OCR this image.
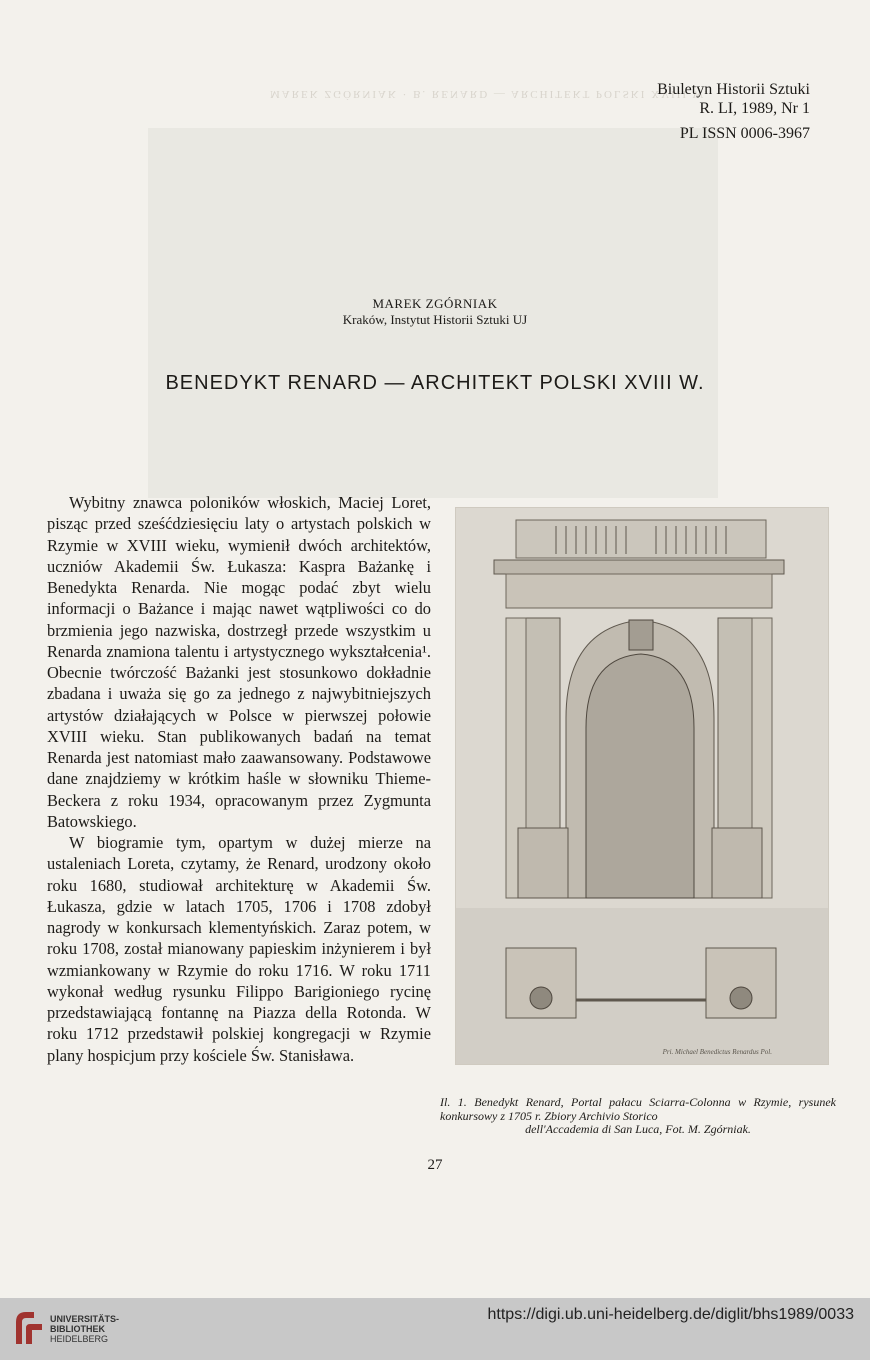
MAREK ZGÓRNIAK · B. RENARD — ARCHITEKT POLSKI XVIII W.
Biuletyn Historii Sztuki
R. LI, 1989, Nr 1
PL ISSN 0006-3967
MAREK ZGÓRNIAK
Kraków, Instytut Historii Sztuki UJ
BENEDYKT RENARD — ARCHITEKT POLSKI XVIII W.

Wybitny znawca poloników włoskich, Maciej Loret, pisząc przed sześćdziesięciu laty o artystach polskich w Rzymie w XVIII wieku, wymienił dwóch architektów, uczniów Akademii Św. Łukasza: Kaspra Bażankę i Benedykta Renarda. Nie mogąc podać zbyt wielu informacji o Bażance i mając nawet wątpliwości co do brzmienia jego nazwiska, dostrzegł przede wszystkim u Renarda znamiona talentu i artystycznego wykształcenia¹. Obecnie twórczość Bażanki jest stosunkowo dokładnie zbadana i uważa się go za jednego z najwybitniejszych artystów działających w Polsce w pierwszej połowie XVIII wieku. Stan publikowanych badań na temat Renarda jest natomiast mało zaawansowany. Podstawowe dane znajdziemy w krótkim haśle w słowniku Thieme-Beckera z roku 1934, opracowanym przez Zygmunta Batowskiego.

W biogramie tym, opartym w dużej mierze na ustaleniach Loreta, czytamy, że Renard, urodzony około roku 1680, studiował architekturę w Akademii Św. Łukasza, gdzie w latach 1705, 1706 i 1708 zdobył nagrody w konkursach klementyńskich. Zaraz potem, w roku 1708, został mianowany papieskim inżynierem i był wzmiankowany w Rzymie do roku 1716. W roku 1711 wykonał według rysunku Filippo Barigioniego rycinę przedstawiającą fontannę na Piazza della Rotonda. W roku 1712 przedstawił polskiej kongregacji w Rzymie plany hospicjum przy kościele Św. Stanisława.	Pri. Michael Benedictus Renardus Pol.
Il. 1. Benedykt Renard, Portal pałacu Sciarra-Colonna w Rzymie, rysunek konkursowy z 1705 r. Zbiory Archivio Storico
dell'Accademia di San Luca, Fot. M. Zgórniak.
27
UNIVERSITÄTS-
BIBLIOTHEK
HEIDELBERG
https://digi.ub.uni-heidelberg.de/diglit/bhs1989/0033
